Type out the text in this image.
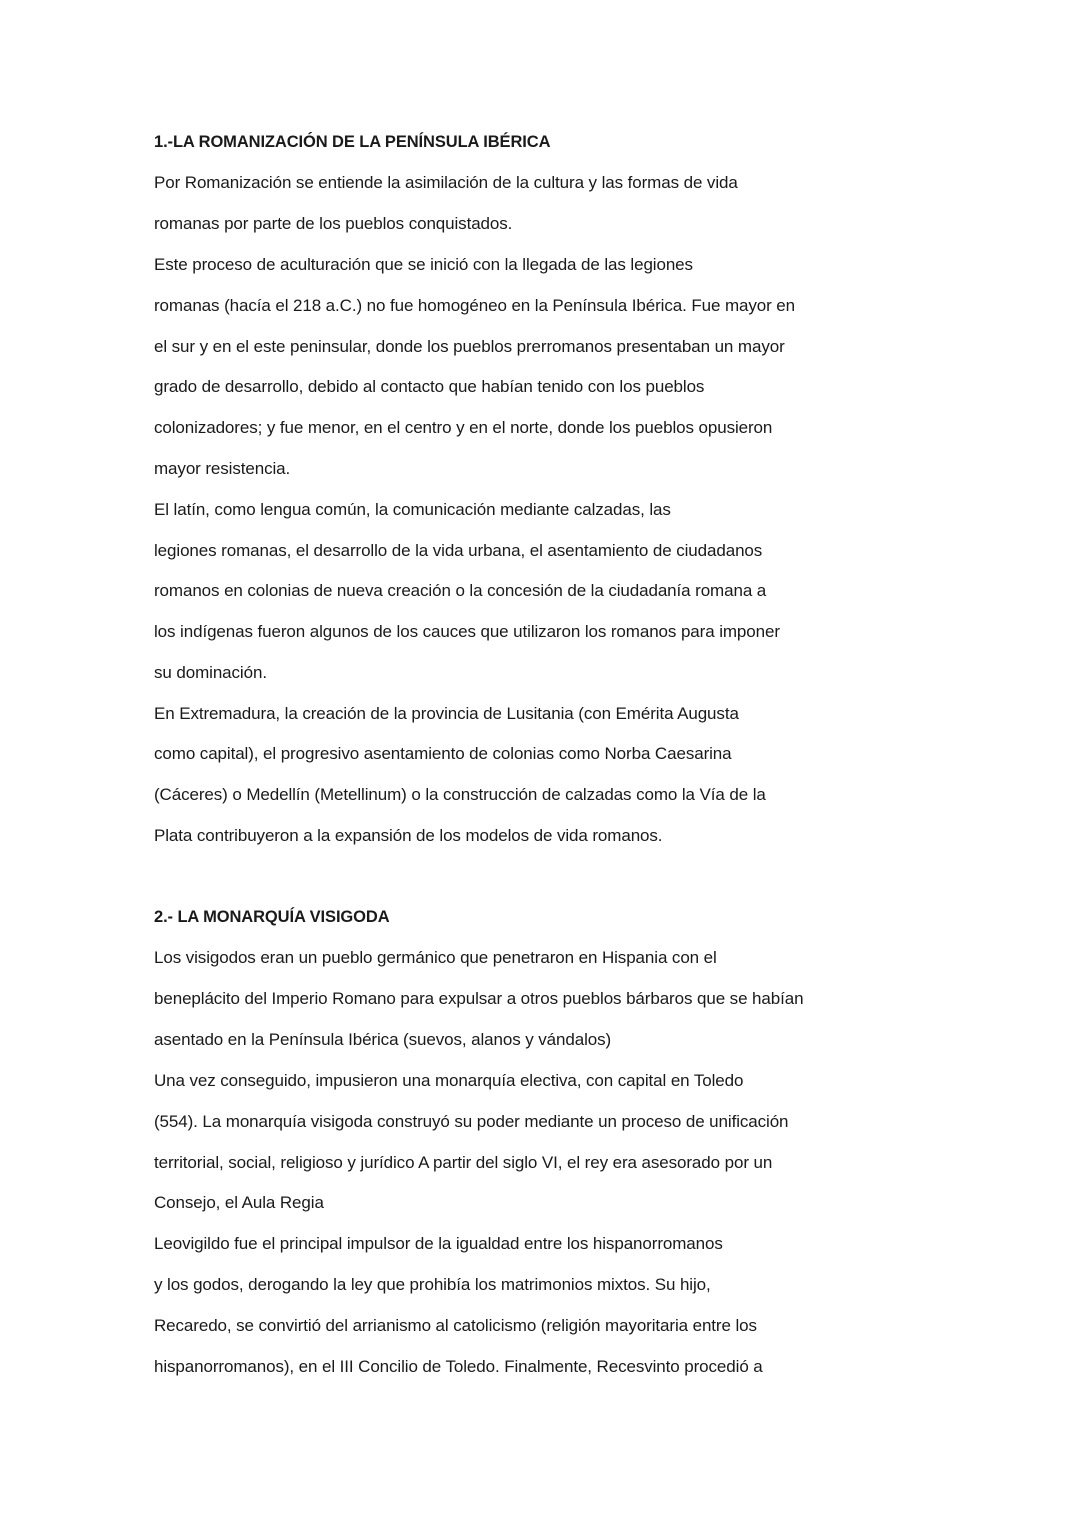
1.-LA ROMANIZACIÓN DE LA PENÍNSULA IBÉRICA
Por Romanización se entiende la asimilación de la cultura y las formas de vida
romanas por parte de los pueblos conquistados.
Este proceso de aculturación que se inició con la llegada de las legiones
romanas (hacía el 218 a.C.) no fue homogéneo en la Península Ibérica. Fue mayor en
el sur y en el este peninsular, donde los pueblos prerromanos presentaban un mayor
grado de desarrollo, debido al contacto que habían tenido con los pueblos
colonizadores; y fue menor, en el centro y en el norte, donde los pueblos opusieron
mayor resistencia.
El latín, como lengua común, la comunicación mediante calzadas, las
legiones romanas, el desarrollo de la vida urbana, el asentamiento de ciudadanos
romanos en colonias de nueva creación o la concesión de la ciudadanía romana a
los indígenas fueron algunos de los cauces que utilizaron los romanos para imponer
su dominación.
En Extremadura, la creación de la provincia de Lusitania (con Emérita Augusta
como capital), el progresivo asentamiento de colonias como Norba Caesarina
(Cáceres) o Medellín (Metellinum) o la construcción de calzadas como la Vía de la
Plata contribuyeron a la expansión de los modelos de vida romanos.
2.- LA MONARQUÍA VISIGODA
Los visigodos eran un pueblo germánico que penetraron en Hispania con el
beneplácito del Imperio Romano para expulsar a otros pueblos bárbaros que se habían
asentado en la Península Ibérica (suevos, alanos y vándalos)
Una vez conseguido, impusieron una monarquía electiva, con capital en Toledo
(554). La monarquía visigoda construyó su poder mediante un proceso de unificación
territorial, social, religioso y jurídico A partir del siglo VI, el rey era asesorado por un
Consejo, el Aula Regia
Leovigildo fue el principal impulsor de la igualdad entre los hispanorromanos
y los godos, derogando la ley que prohibía los matrimonios mixtos. Su hijo,
Recaredo, se convirtió del arrianismo al catolicismo (religión mayoritaria entre los
hispanorromanos), en el III Concilio de Toledo. Finalmente, Recesvinto procedió a
